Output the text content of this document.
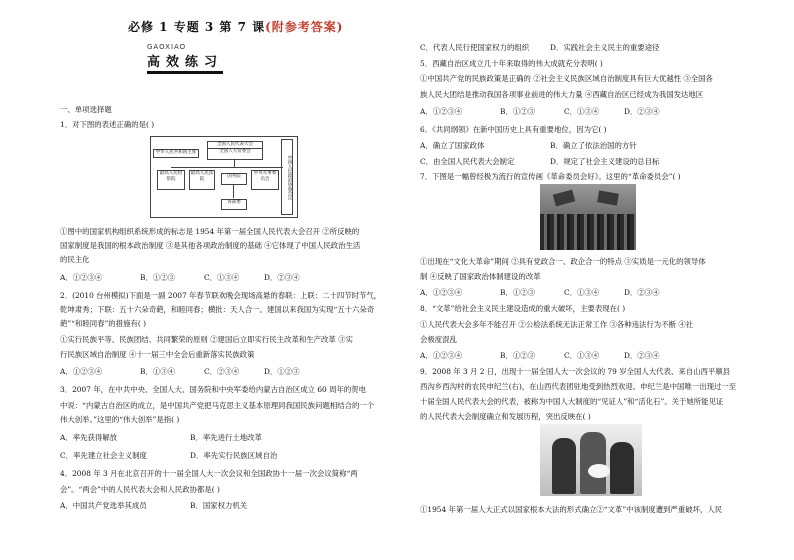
必修 1 专题 3 第 7 课(附参考答案)
GAOXIAO
高效练习
一、单项选择题
1．对下图的表述正确的是( )
全国人民代表大会
全国人大常委会
中华人民共和国主席
最高人民检察院
最高人民法院
国务院
中央军事委员会
各部委
中国人民政治协商会议
①图中的国家机构组织系统形成的标志是 1954 年第一届全国人民代表大会召开 ②所反映的
国家制度是我国的根本政治制度 ③是其他各项政治制度的基础 ④它体现了中国人民政治生活
的民主化
A．①②③④	B．①②③	C．①③④	D．②③④
2．(2010 台州模拟)下面是一副 2007 年春节联欢晚会现场高悬的春联：上联：二十四节时节气，
乾坤肃秀；下联：五十六朵奇葩，和睦同春；横批：天人合一。建国以来我国为实现“五十六朵奇
葩”“和睦同春”的措施有( )
①实行民族平等、民族团结、共同繁荣的原则 ②建国后立即实行民主改革和生产改革 ③实
行民族区域自治制度 ④十一届三中全会后重新落实民族政策
A．①②③④	B．①③④	C．②③④	D．①②③
3．2007 年，在中共中央、全国人大、国务院和中央军委给内蒙古自治区成立 60 周年的贺电
中说：“内蒙古自治区的成立，是中国共产党把马克思主义基本原理同我国民族问题相结合的一个
伟大创举。”这里的“伟大创举”是指( )
A．率先获得解放	B．率先进行土地改革
C．率先建立社会主义制度	D．率先实行民族区域自治
4．2008 年 3 月在北京召开的十一届全国人大一次会议和全国政协十一届一次会议简称“两
会”。“两会”中的人民代表大会和人民政协都是( )
A．中国共产党选举其成员	B．国家权力机关
C．代表人民行使国家权力的组织	D．实践社会主义民主的重要途径
5．西藏自治区成立几十年来取得的伟大成就充分表明( )
①中国共产党的民族政策是正确的 ②社会主义民族区域自治制度具有巨大优越性 ③全国各
族人民大团结是推动我国各项事业前进的伟大力量 ④西藏自治区已经成为我国发达地区
A．①②③④	B．①②③	C．①③④	D．②③④
6．《共同纲领》在新中国历史上具有重要地位，因为它( )
A．确立了国家政体	B．确立了依法治国的方针
C．由全国人民代表大会制定	D．规定了社会主义建设的总目标
7．下图是一幅曾经极为流行的宣传画《革命委员会好》。这里的“革命委员会”( )
①出现在“文化大革命”期间 ②具有党政合一、政企合一的特点 ③实质是一元化的领导体
制 ④反映了国家政治体制建设的改革
A．①②③④	B．①②③	C．①③④	D．②③④
8．“文革”给社会主义民主建设造成的重大破坏，主要表现在( )
①人民代表大会多年不能召开 ②公检法系统无法正常工作 ③各种违法行为不断 ④社
会极度混乱
A．①②③④	B．①②③	C．①③④	D．②③④
9．2008 年 3 月 2 日，出现十一届全国人大一次会议的 79 岁全国人大代表、来自山西平顺县
西沟乡西沟村的农民申纪兰(右)，在山西代表团驻地受到热烈欢迎。申纪兰是中国唯一出现过一至
十届全国人民代表大会的代表，被称为中国人大制度的“见证人”和“活化石”。关于她所能见证
的人民代表大会制度确立和发展历程，突出反映在( )
①1954 年第一届人大正式以国家根本大法的形式确立②“文革”中该制度遭到严重破坏，人民
